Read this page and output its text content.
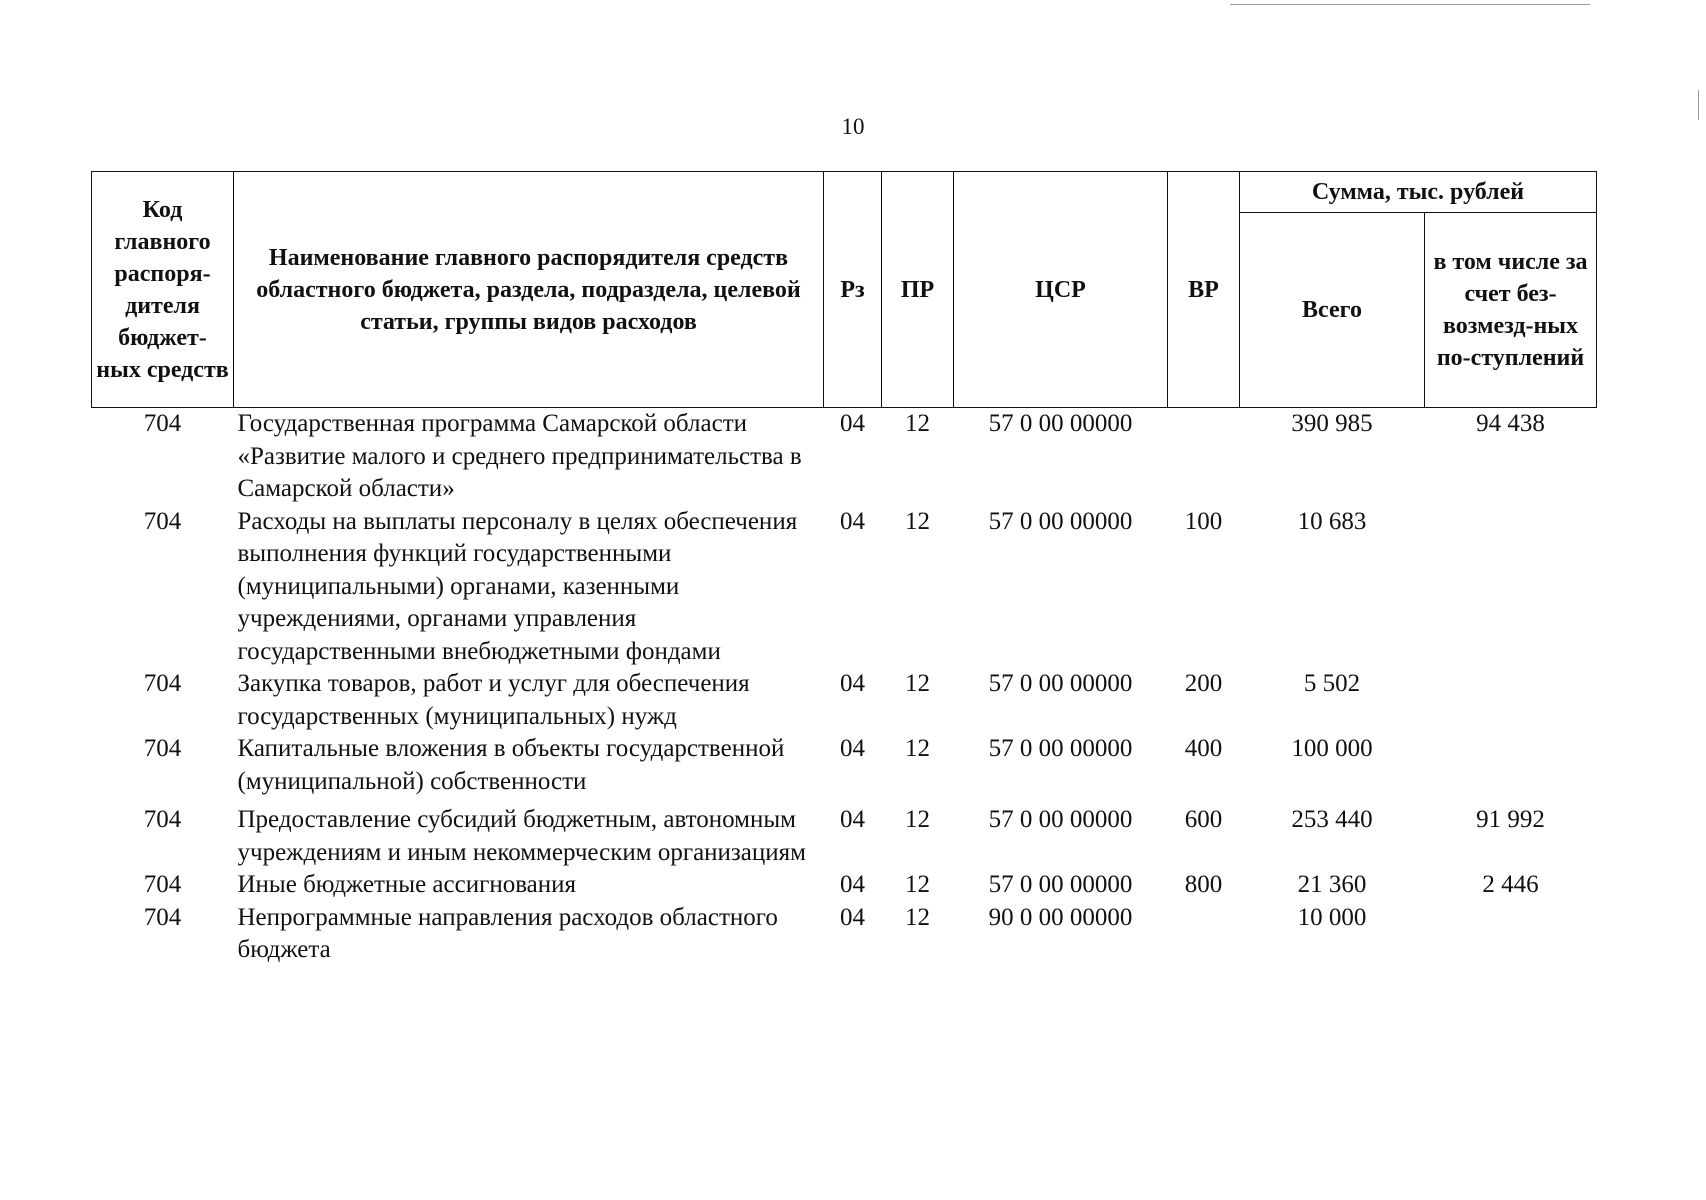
10
Код главного распоря-дителя бюджет-ных средств	Наименование главного распорядителя средств областного бюджета, раздела, подраздела, целевой статьи, группы видов расходов	Рз	ПР	ЦСР	ВР	Сумма, тыс. рублей	
						Всего	в том числе за счет без-возмезд-ных по-ступлений
704	Государственная программа Самарской области «Развитие малого и среднего предпринимательства в Самарской области»	04	12	57 0 00 00000		390 985	94 438
704	Расходы на выплаты персоналу в целях обеспечения выполнения функций государственными (муниципальными) органами, казенными учреждениями, органами управления государственными внебюджетными фондами	04	12	57 0 00 00000	100	10 683	
704	Закупка товаров, работ и услуг для обеспечения государственных (муниципальных) нужд	04	12	57 0 00 00000	200	5 502	
704	Капитальные вложения в объекты государственной (муниципальной) собственности	04	12	57 0 00 00000	400	100 000	

704	Предоставление субсидий бюджетным, автономным учреждениям и иным некоммерческим организациям	04	12	57 0 00 00000	600	253 440	91 992
704	Иные бюджетные ассигнования	04	12	57 0 00 00000	800	21 360	2 446
704	Непрограммные направления расходов областного бюджета	04	12	90 0 00 00000		10 000	
